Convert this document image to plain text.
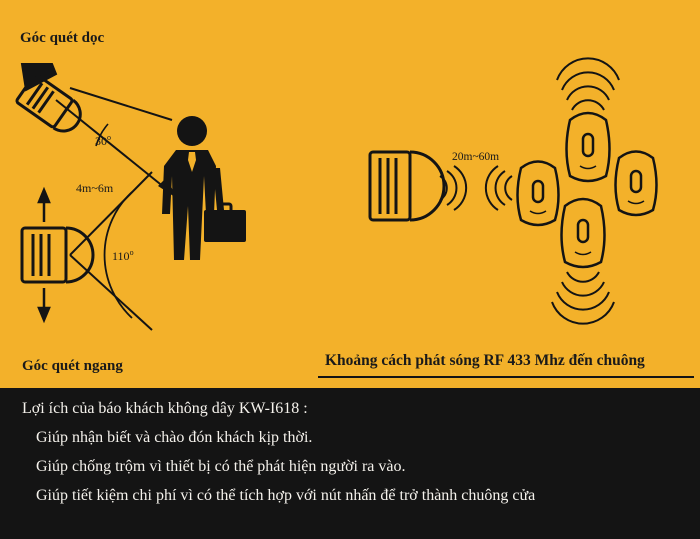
Góc quét dọc
Góc quét ngang	Khoảng cách phát sóng RF 433 Mhz đến chuông
20m~60m
30$^o$
110$^o$
4m~6m
Lợi ích của báo khách không dây KW-I618 :
Giúp nhận biết và chào đón khách kịp thời.
Giúp chống trộm vì thiết bị có thể phát hiện người ra vào.
Giúp tiết kiệm chi phí vì có thể tích hợp với nút nhấn để trở thành chuông cửa
